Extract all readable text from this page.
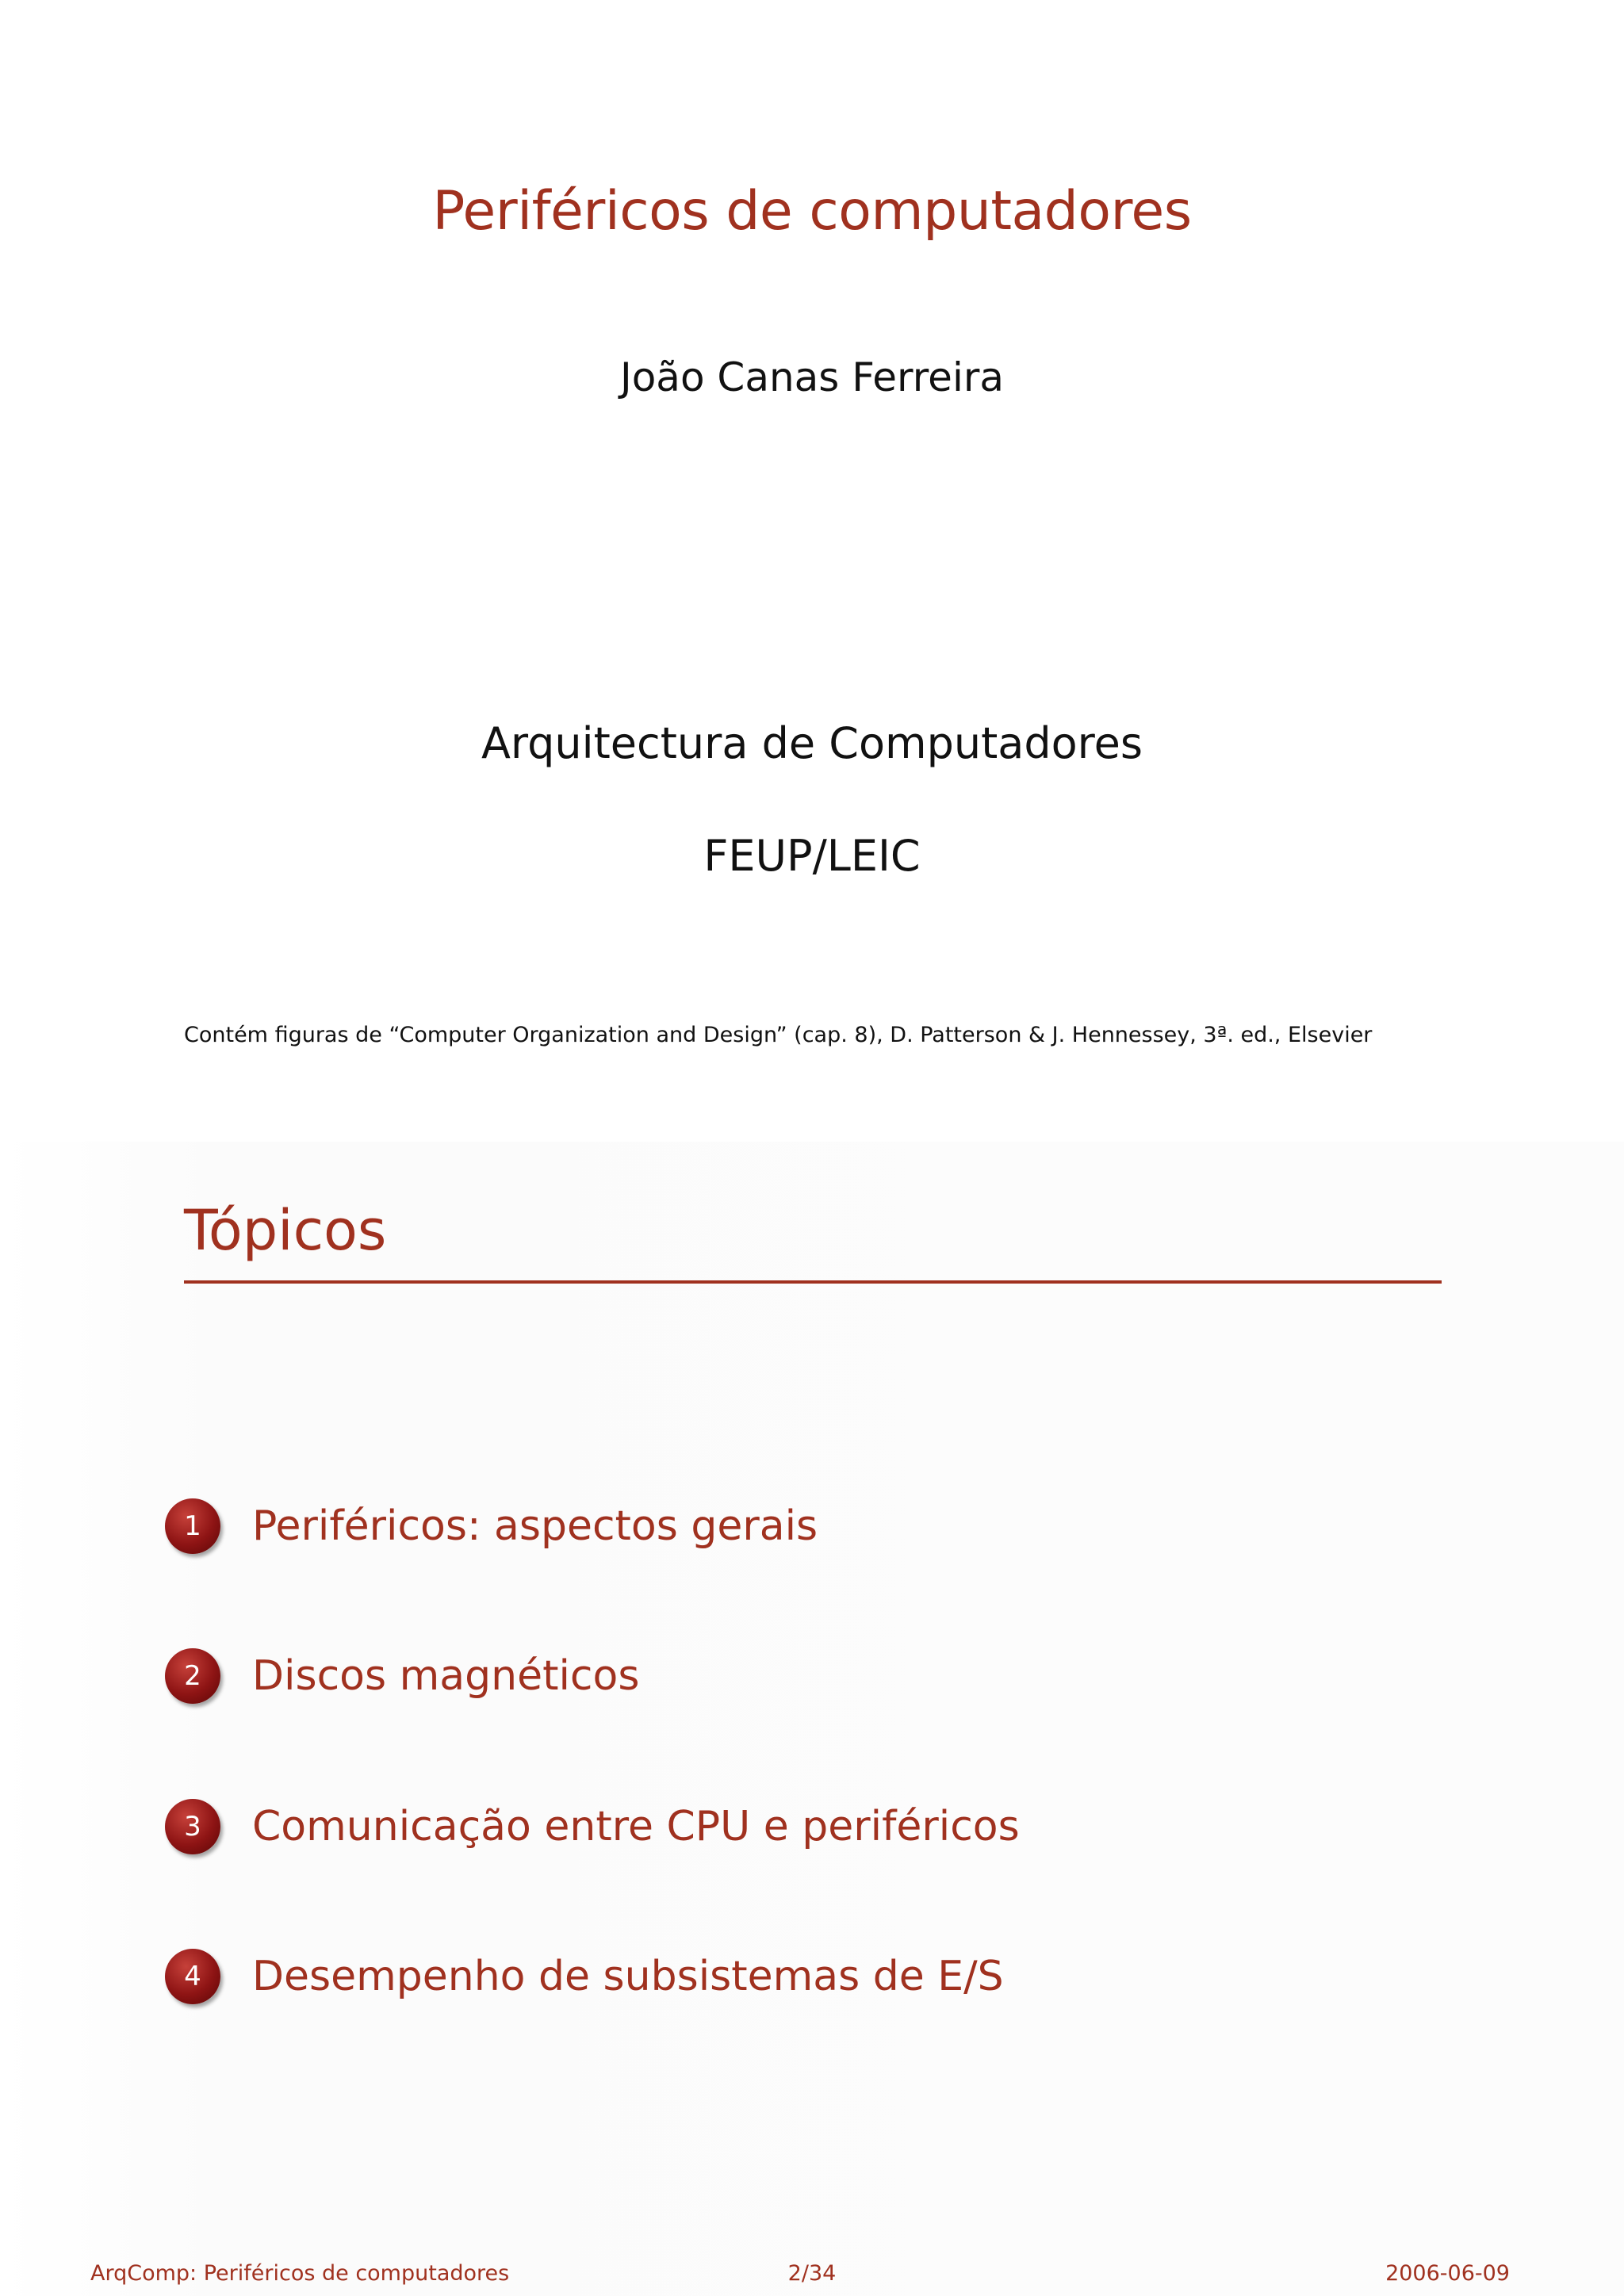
Periféricos de computadores
João Canas Ferreira
Arquitectura de Computadores
FEUP/LEIC
Contém figuras de “Computer Organization and Design” (cap. 8), D. Patterson & J. Hennessey, 3ª. ed., Elsevier
Tópicos
1 Periféricos: aspectos gerais
2 Discos magnéticos
3 Comunicação entre CPU e periféricos
4 Desempenho de subsistemas de E/S
ArqComp: Periféricos de computadores	2/34	2006-06-09
